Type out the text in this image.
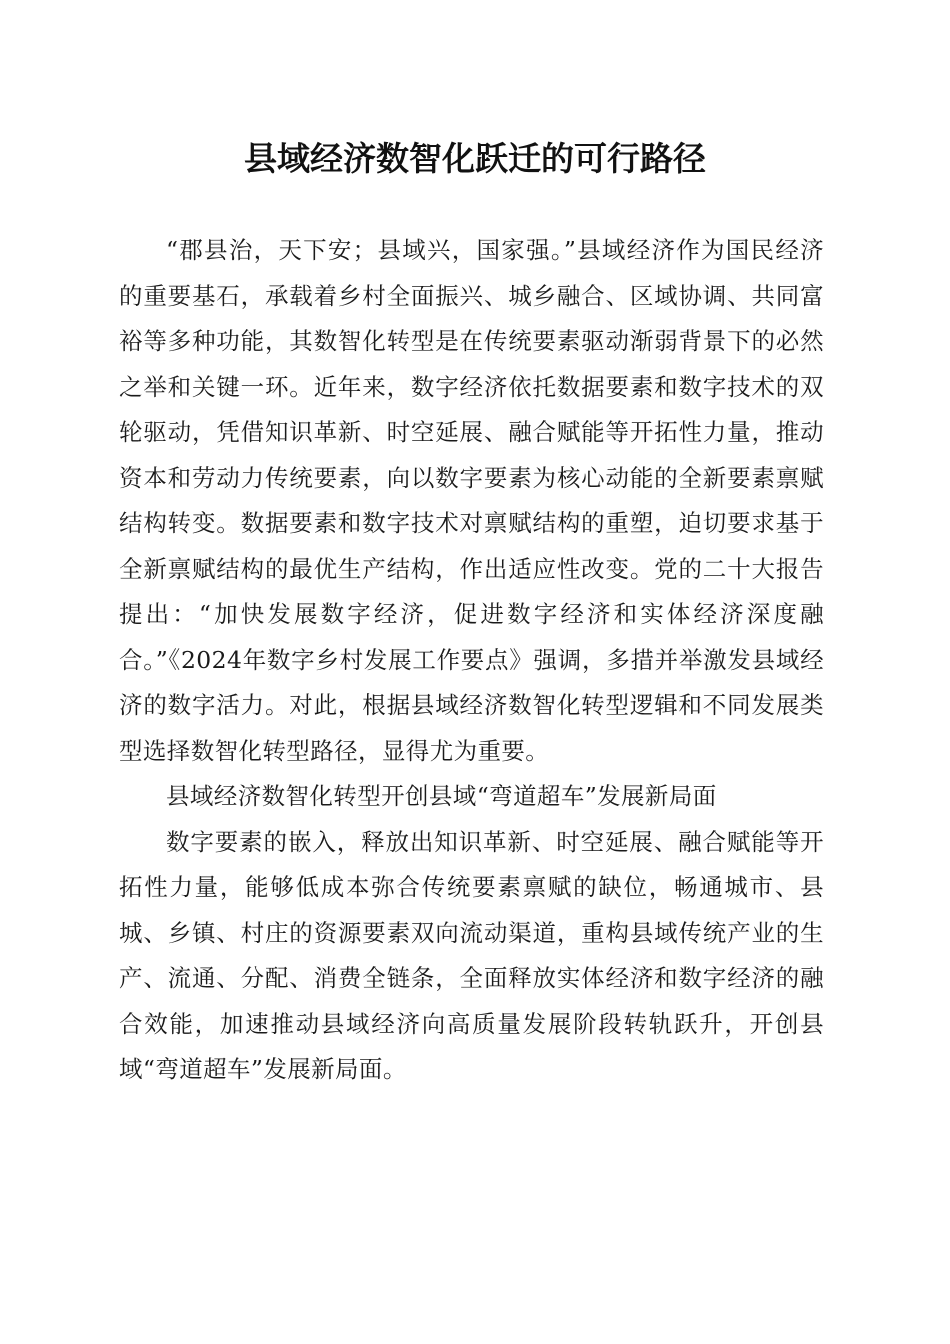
县域经济数智化跃迁的可行路径

“郡县治，天下安；县域兴，国家强。”县域经济作为国民经济的重要基石，承载着乡村全面振兴、城乡融合、区域协调、共同富裕等多种功能，其数智化转型是在传统要素驱动渐弱背景下的必然之举和关键一环。近年来，数字经济依托数据要素和数字技术的双轮驱动，凭借知识革新、时空延展、融合赋能等开拓性力量，推动资本和劳动力传统要素，向以数字要素为核心动能的全新要素禀赋结构转变。数据要素和数字技术对禀赋结构的重塑，迫切要求基于全新禀赋结构的最优生产结构，作出适应性改变。党的二十大报告提出：“加快发展数字经济，促进数字经济和实体经济深度融合。”《2024年数字乡村发展工作要点》强调，多措并举激发县域经济的数字活力。对此，根据县域经济数智化转型逻辑和不同发展类型选择数智化转型路径，显得尤为重要。

县域经济数智化转型开创县域“弯道超车”发展新局面

数字要素的嵌入，释放出知识革新、时空延展、融合赋能等开拓性力量，能够低成本弥合传统要素禀赋的缺位，畅通城市、县城、乡镇、村庄的资源要素双向流动渠道，重构县域传统产业的生产、流通、分配、消费全链条，全面释放实体经济和数字经济的融合效能，加速推动县域经济向高质量发展阶段转轨跃升，开创县域“弯道超车”发展新局面。
